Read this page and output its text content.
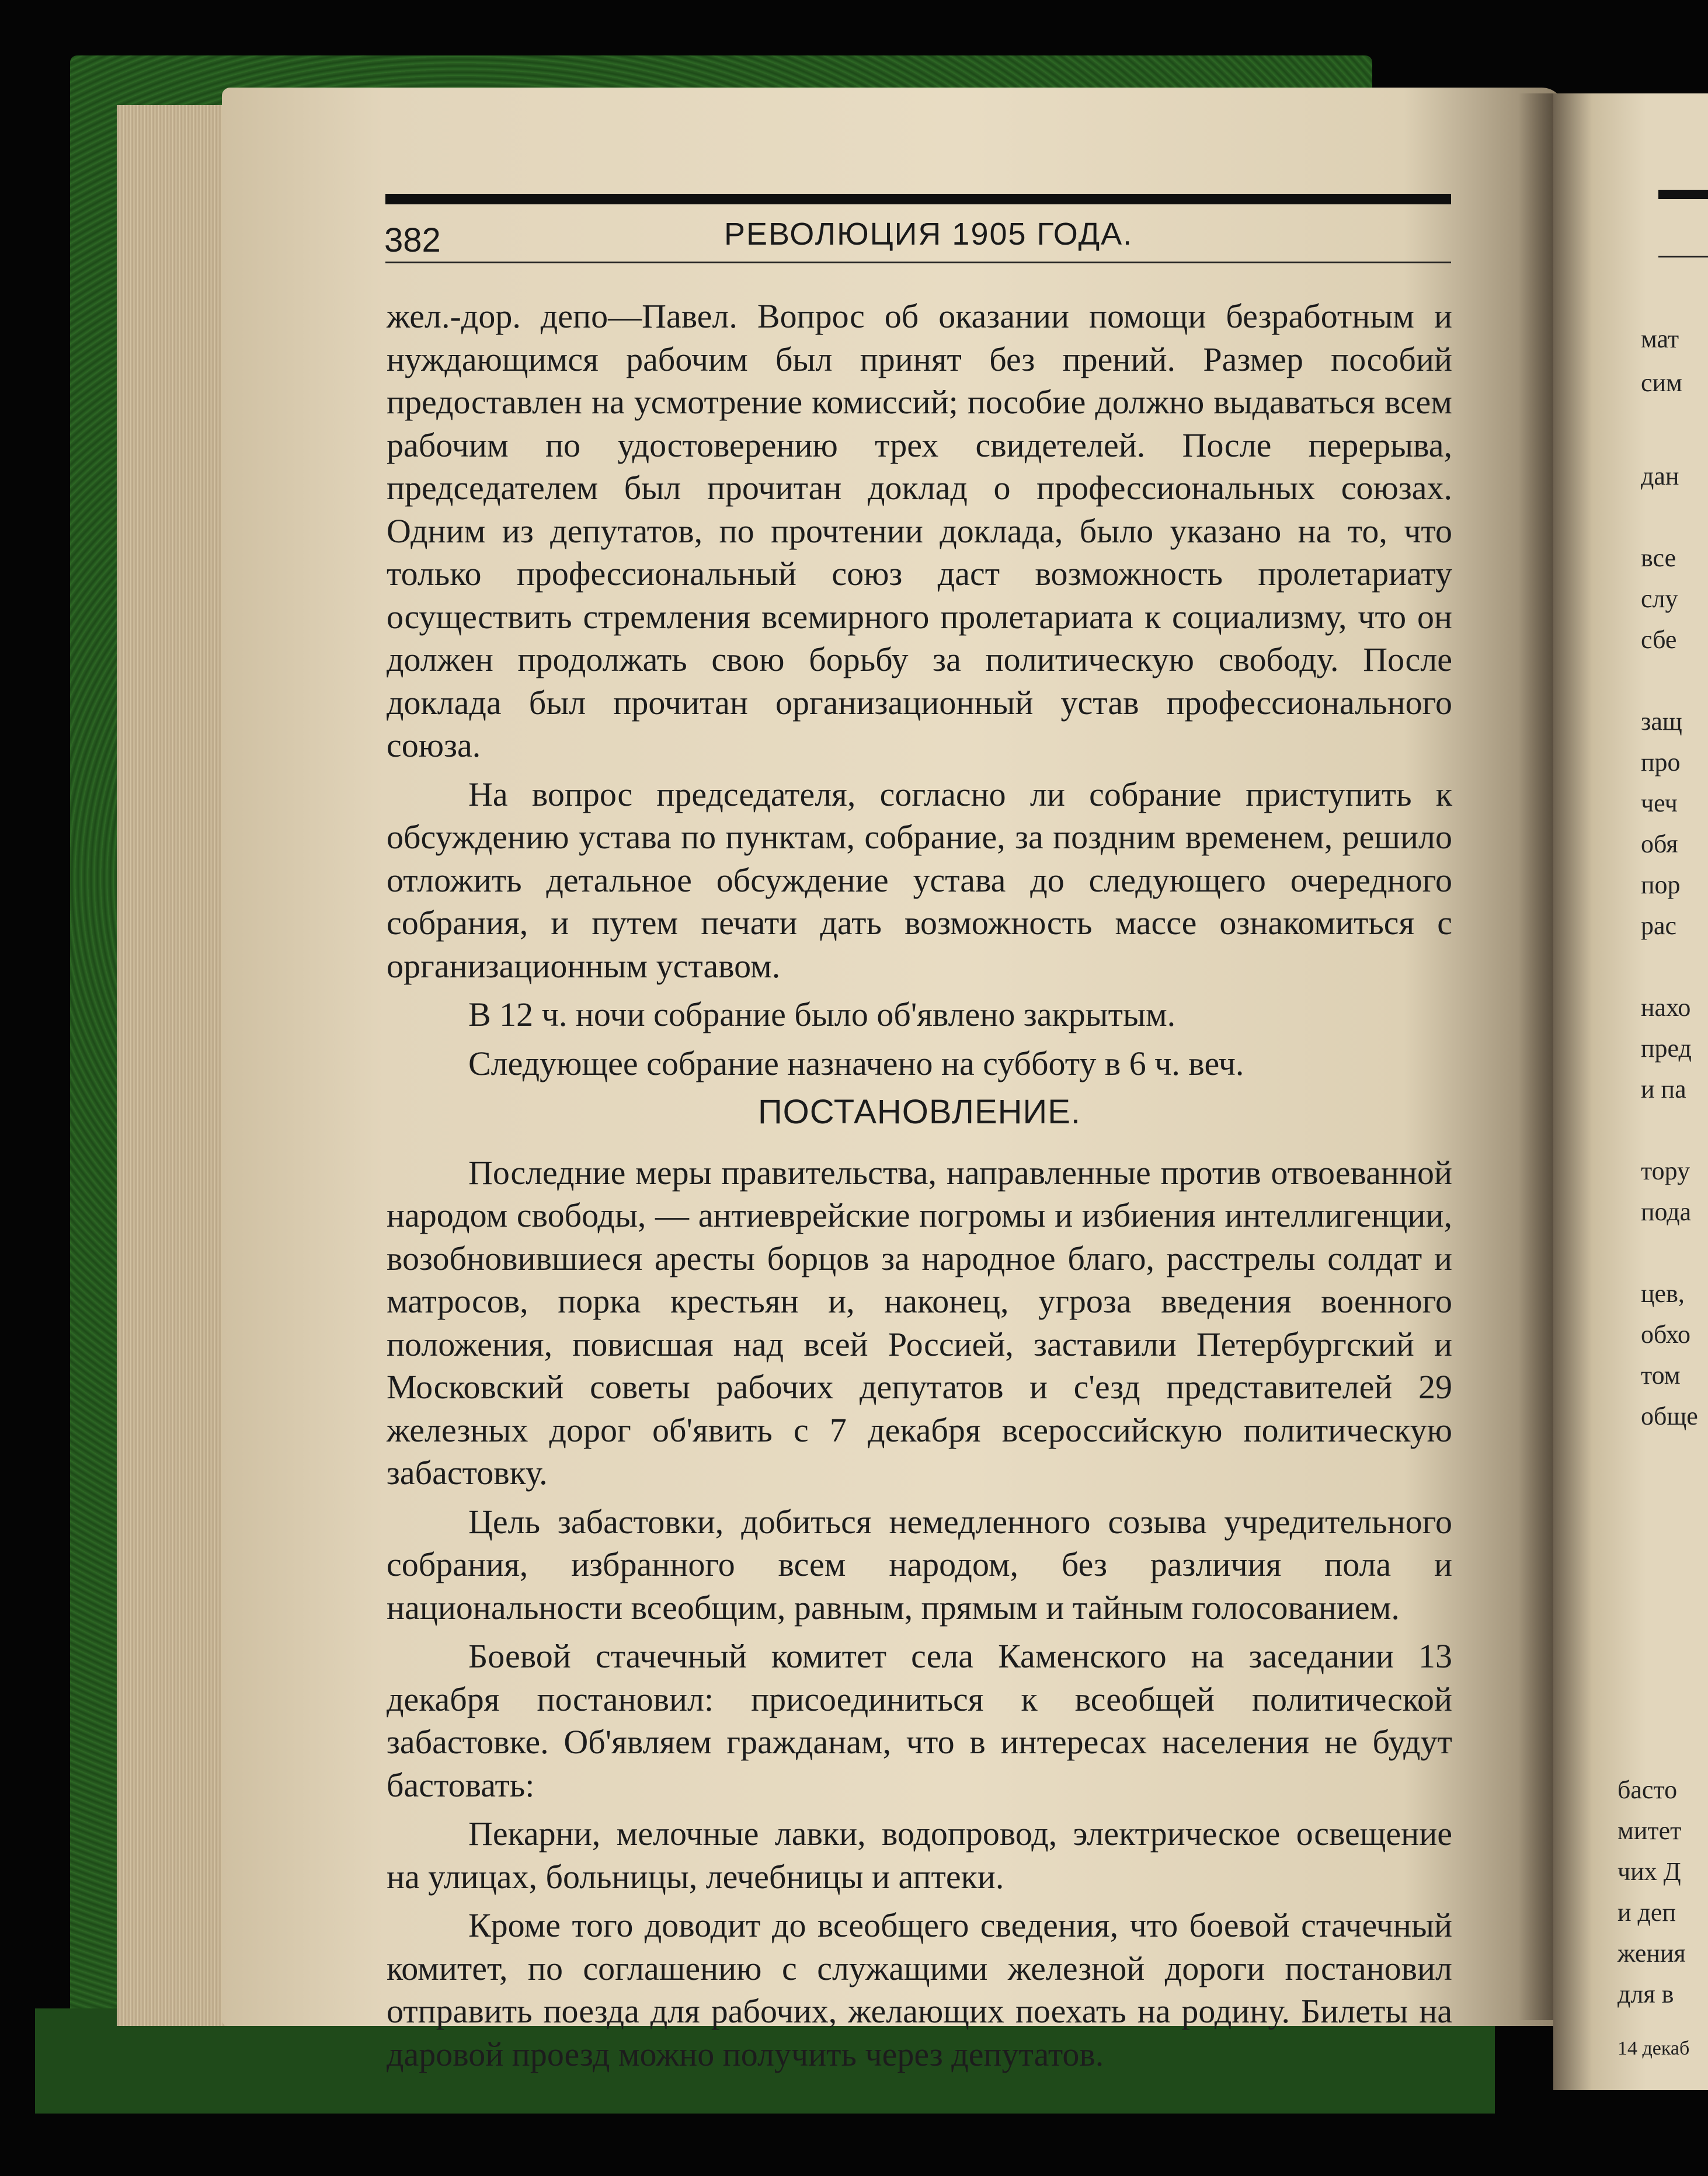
мат
сим
дан
все
слу
сбе
защ
про
чеч
обя
пор
рас
нахо
пред
и па
тору
пода
цев,
обхо
том
обще
басто
митет
чих Д
и деп
жения
для в
14 декаб
382	РЕВОЛЮЦИЯ 1905 ГОДА.

жел.-дор. депо—Павел. Вопрос об оказании помощи безработным и нуждающимся рабочим был принят без прений. Размер пособий предоставлен на усмотрение комиссий; пособие должно выдаваться всем рабочим по удостоверению трех свидетелей. После перерыва, председателем был прочитан доклад о профессиональных союзах. Одним из депутатов, по прочтении доклада, было указано на то, что только профессиональный союз даст возможность пролетариату осуществить стремления всемирного пролетариата к социализму, что он должен продолжать свою борьбу за политическую свободу. После доклада был прочитан организационный устав профессионального союза.

На вопрос председателя, согласно ли собрание приступить к обсуждению устава по пунктам, собрание, за поздним временем, решило отложить детальное обсуждение устава до следующего очередного собрания, и путем печати дать возможность массе ознакомиться с организационным уставом.

В 12 ч. ночи собрание было об'явлено закрытым.

Следующее собрание назначено на субботу в 6 ч. веч.

ПОСТАНОВЛЕНИЕ.

Последние меры правительства, направленные против отвоеванной народом свободы, — антиеврейские погромы и избиения интеллигенции, возобновившиеся аресты борцов за народное благо, расстрелы солдат и матросов, порка крестьян и, наконец, угроза введения военного положения, повисшая над всей Россией, заставили Петербургский и Московский советы рабочих депутатов и с'езд представителей 29 железных дорог об'явить с 7 декабря всероссийскую политическую забастовку.

Цель забастовки, добиться немедленного созыва учредительного собрания, избранного всем народом, без различия пола и национальности всеобщим, равным, прямым и тайным голосованием.

Боевой стачечный комитет села Каменского на заседании 13 декабря постановил: присоединиться к всеобщей политической забастовке. Об'являем гражданам, что в интересах населения не будут бастовать:

Пекарни, мелочные лавки, водопровод, электрическое освещение на улицах, больницы, лечебницы и аптеки.

Кроме того доводит до всеобщего сведения, что боевой стачечный комитет, по соглашению с служащими железной дороги постановил отправить поезда для рабочих, желающих поехать на родину. Билеты на даровой проезд можно получить через депутатов.
